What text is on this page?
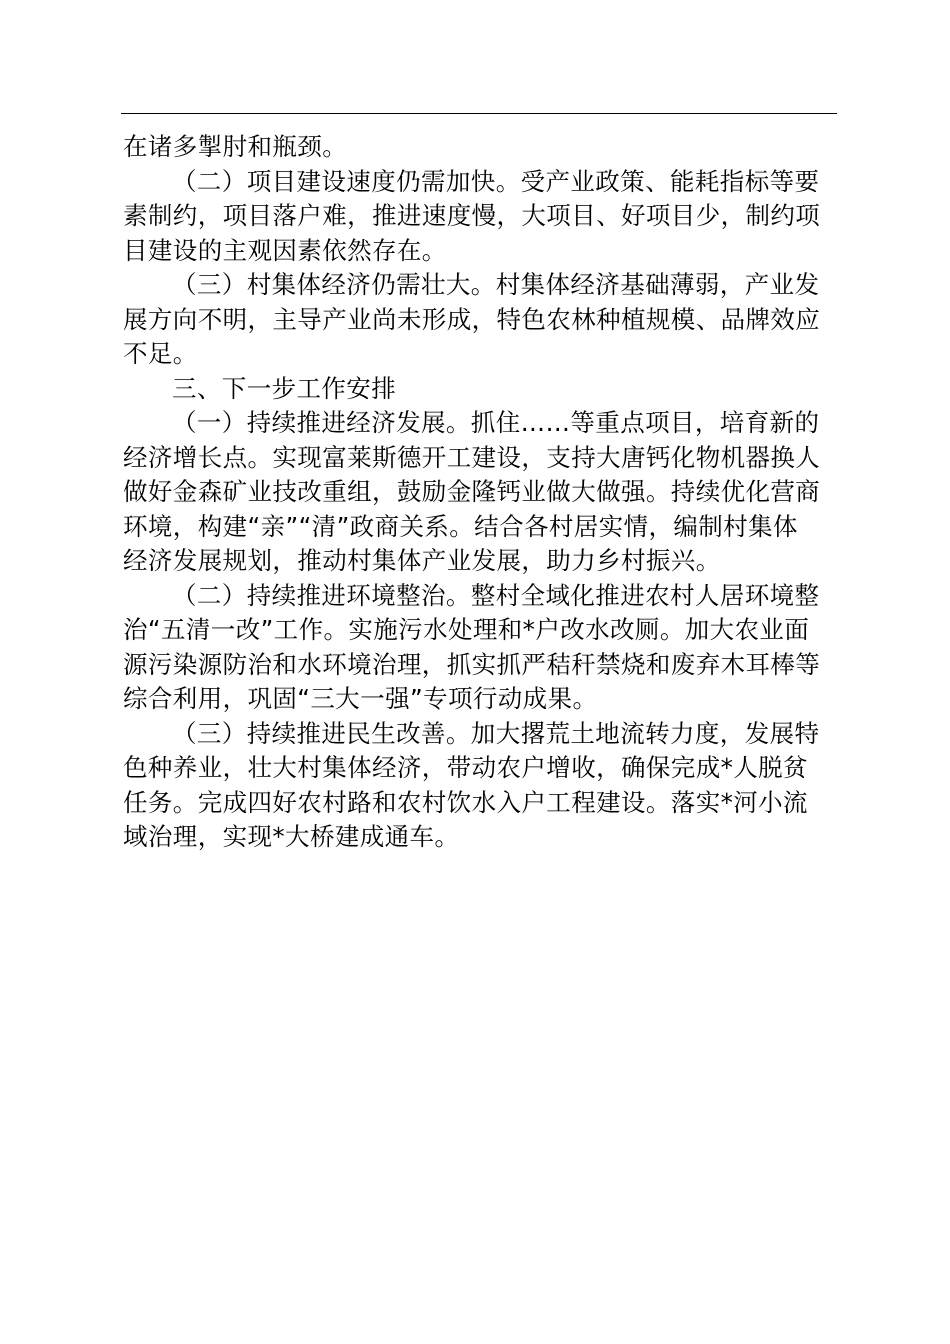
在诸多掣肘和瓶颈。
（二）项目建设速度仍需加快。受产业政策、能耗指标等要
素制约，项目落户难，推进速度慢，大项目、好项目少，制约项
目建设的主观因素依然存在。
（三）村集体经济仍需壮大。村集体经济基础薄弱，产业发
展方向不明，主导产业尚未形成，特色农林种植规模、品牌效应
不足。
三、下一步工作安排
（一）持续推进经济发展。抓住……等重点项目，培育新的
经济增长点。实现富莱斯德开工建设，支持大唐钙化物机器换人
做好金森矿业技改重组，鼓励金隆钙业做大做强。持续优化营商
环境，构建“亲”“清”政商关系。结合各村居实情，编制村集体
经济发展规划，推动村集体产业发展，助力乡村振兴。
（二）持续推进环境整治。整村全域化推进农村人居环境整
治“五清一改”工作。实施污水处理和*户改水改厕。加大农业面
源污染源防治和水环境治理，抓实抓严秸秆禁烧和废弃木耳棒等
综合利用，巩固“三大一强”专项行动成果。
（三）持续推进民生改善。加大撂荒土地流转力度，发展特
色种养业，壮大村集体经济，带动农户增收，确保完成*人脱贫
任务。完成四好农村路和农村饮水入户工程建设。落实*河小流
域治理，实现*大桥建成通车。
